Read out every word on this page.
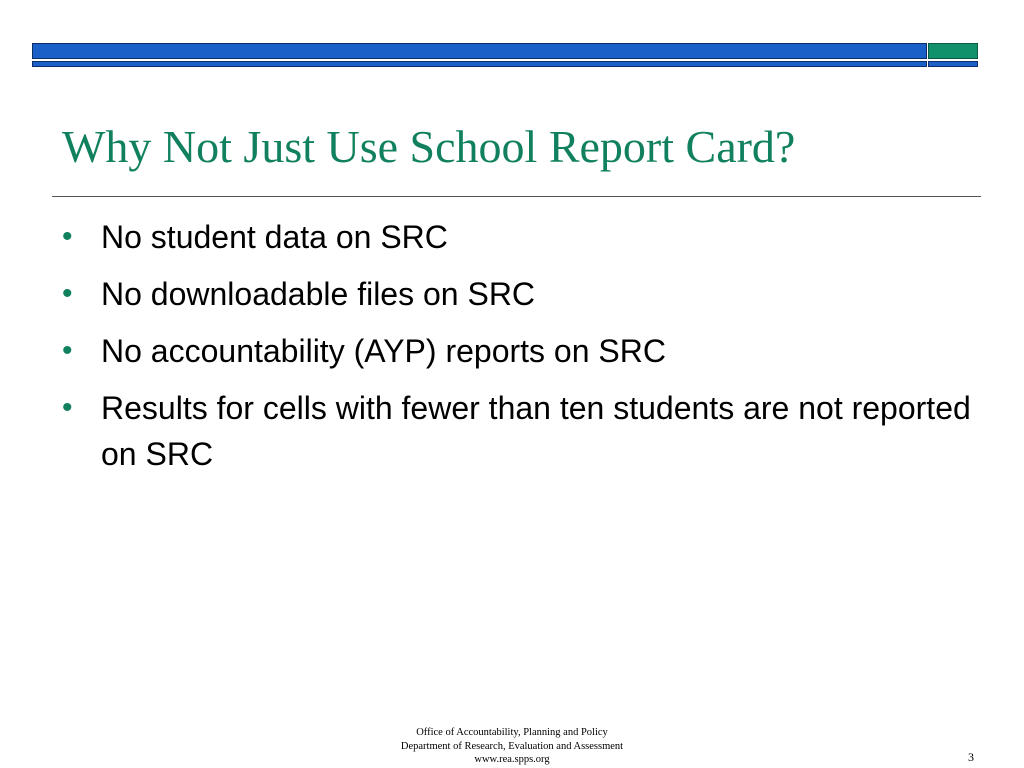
Why Not Just Use School Report Card?
• No student data on SRC
• No downloadable files on SRC
• No accountability (AYP) reports on SRC
• Results for cells with fewer than ten students are not reported on SRC
Office of Accountability, Planning and Policy
Department of Research, Evaluation and Assessment
www.rea.spps.org	3
